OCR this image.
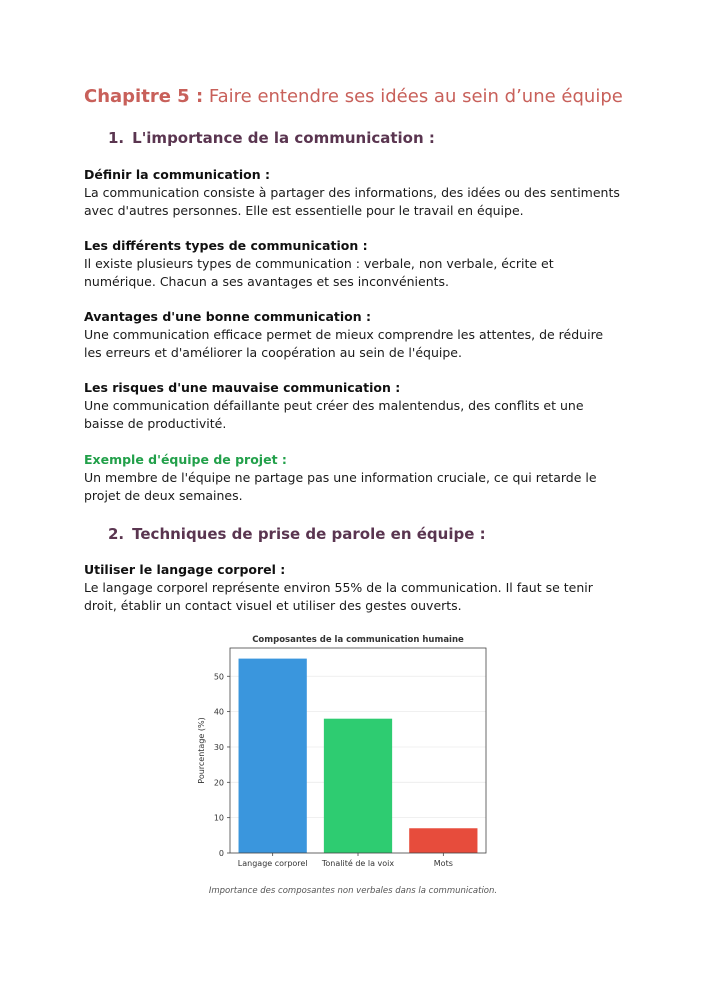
Chapitre 5 : Faire entendre ses idées au sein d’une équipe
1. L'importance de la communication :
Définir la communication :
La communication consiste à partager des informations, des idées ou des sentiments avec d'autres personnes. Elle est essentielle pour le travail en équipe.
Les différents types de communication :
Il existe plusieurs types de communication : verbale, non verbale, écrite et numérique. Chacun a ses avantages et ses inconvénients.
Avantages d'une bonne communication :
Une communication efficace permet de mieux comprendre les attentes, de réduire les erreurs et d'améliorer la coopération au sein de l'équipe.
Les risques d'une mauvaise communication :
Une communication défaillante peut créer des malentendus, des conflits et une baisse de productivité.
Exemple d'équipe de projet :
Un membre de l'équipe ne partage pas une information cruciale, ce qui retarde le projet de deux semaines.
2. Techniques de prise de parole en équipe :
Utiliser le langage corporel :
Le langage corporel représente environ 55% de la communication. Il faut se tenir droit, établir un contact visuel et utiliser des gestes ouverts.
Composantes de la communication humaine
0
10
20
30
40
50
Langage corporel Tonalité de la voix	Mots
Pourcentage (%)
Importance des composantes non verbales dans la communication.
